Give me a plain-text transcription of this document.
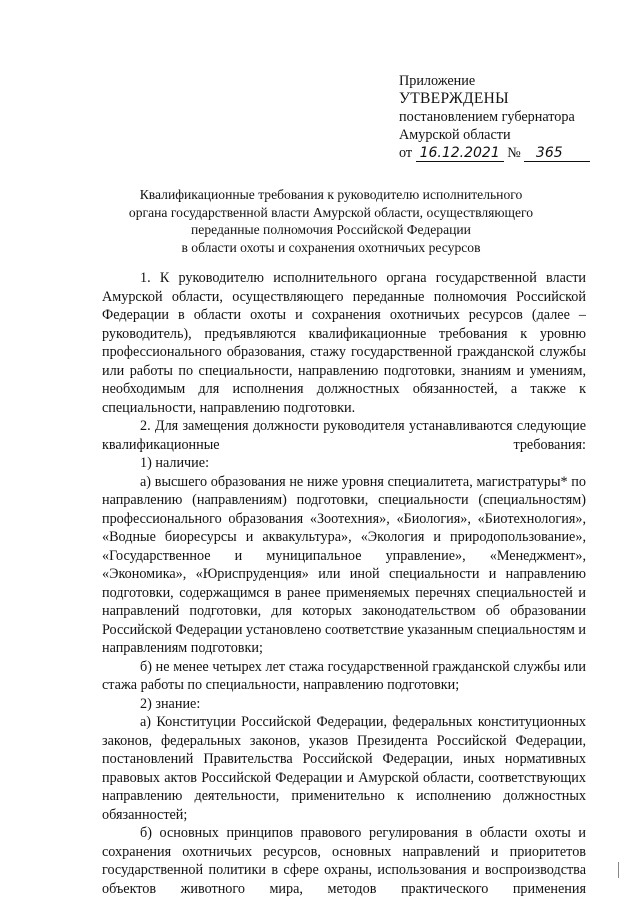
Приложение
УТВЕРЖДЕНЫ
постановлением губернатора
Амурской области
от 16.12.2021 № 365
Квалификационные требования к руководителю исполнительного
органа государственной власти Амурской области, осуществляющего
переданные полномочия Российской Федерации
в области охоты и сохранения охотничьих ресурсов

1. К руководителю исполнительного органа государственной власти Амурской области, осуществляющего переданные полномочия Российской Федерации в области охоты и сохранения охотничьих ресурсов (далее – руководитель), предъявляются квалификационные требования к уровню профессионального образования, стажу государственной гражданской службы или работы по специальности, направлению подготовки, знаниям и умениям, необходимым для исполнения должностных обязанностей, а также к специальности, направлению подготовки.

2. Для замещения должности руководителя устанавливаются следующие квалификационные требования:

1) наличие:

а) высшего образования не ниже уровня специалитета, магистратуры* по направлению (направлениям) подготовки, специальности (специальностям) профессионального образования «Зоотехния», «Биология», «Биотехнология», «Водные биоресурсы и аквакультура», «Экология и природопользование», «Государственное и муниципальное управление», «Менеджмент», «Экономика», «Юриспруденция» или иной специальности и направлению подготовки, содержащимся в ранее применяемых перечнях специальностей и направлений подготовки, для которых законодательством об образовании Российской Федерации установлено соответствие указанным специальностям и направлениям подготовки;

б) не менее четырех лет стажа государственной гражданской службы или стажа работы по специальности, направлению подготовки;

2) знание:

а) Конституции Российской Федерации, федеральных конституционных законов, федеральных законов, указов Президента Российской Федерации, постановлений Правительства Российской Федерации, иных нормативных правовых актов Российской Федерации и Амурской области, соответствующих направлению деятельности, применительно к исполнению должностных обязанностей;

б) основных принципов правового регулирования в области охоты и сохранения охотничьих ресурсов, основных направлений и приоритетов государственной политики в сфере охраны, использования и воспроизводства объектов животного мира, методов практического применения
